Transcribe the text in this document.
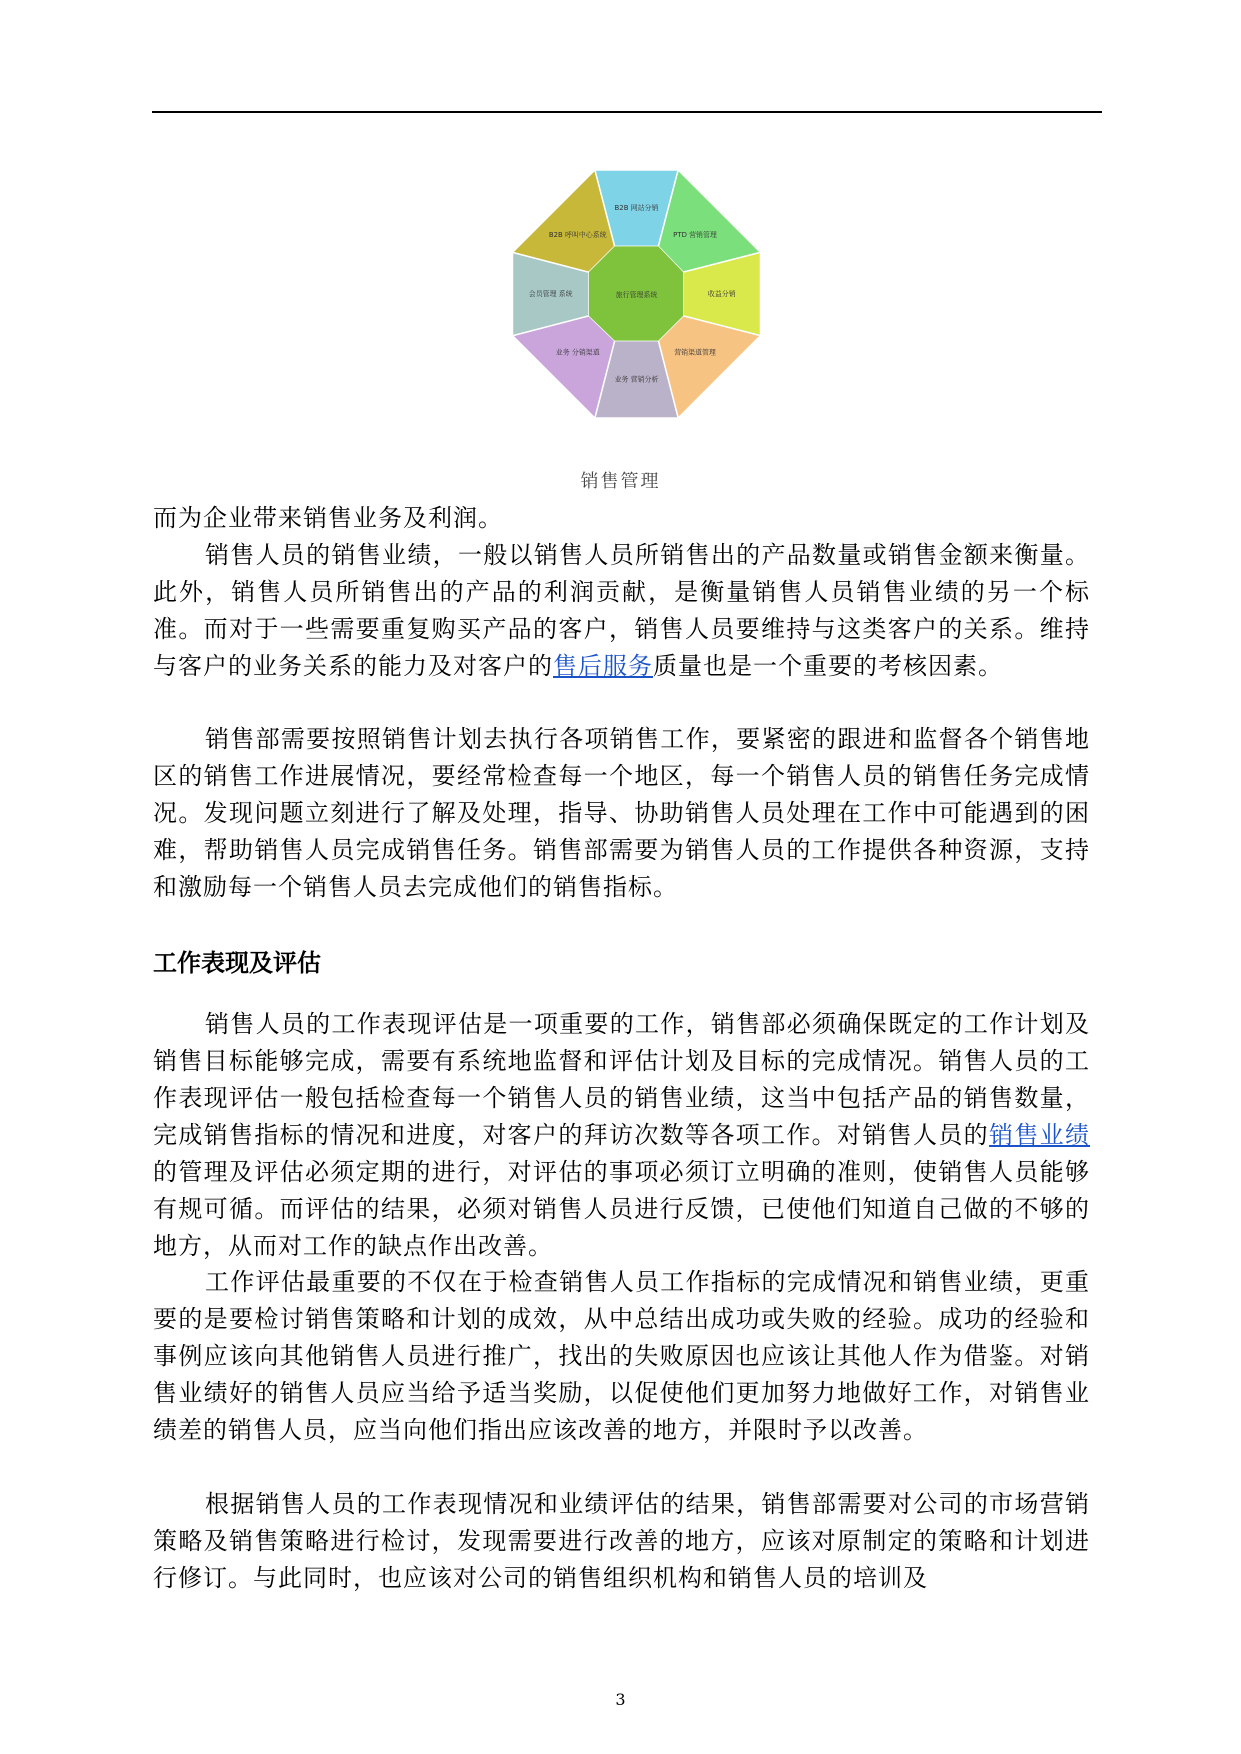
B2B 网站分销
PTD 营销管理
收益分销
营销渠道管理
业务 营销分析
业务 分销渠道
会员管理 系统
B2B 呼叫中心系统
旅行管理系统
销售管理

而为企业带来销售业务及利润。

销售人员的销售业绩，一般以销售人员所销售出的产品数量或销售金额来衡量。此外，销售人员所销售出的产品的利润贡献，是衡量销售人员销售业绩的另一个标准。而对于一些需要重复购买产品的客户，销售人员要维持与这类客户的关系。维持与客户的业务关系的能力及对客户的售后服务质量也是一个重要的考核因素。

销售部需要按照销售计划去执行各项销售工作，要紧密的跟进和监督各个销售地区的销售工作进展情况，要经常检查每一个地区，每一个销售人员的销售任务完成情况。发现问题立刻进行了解及处理，指导、协助销售人员处理在工作中可能遇到的困难，帮助销售人员完成销售任务。销售部需要为销售人员的工作提供各种资源，支持和激励每一个销售人员去完成他们的销售指标。

工作表现及评估

销售人员的工作表现评估是一项重要的工作，销售部必须确保既定的工作计划及销售目标能够完成，需要有系统地监督和评估计划及目标的完成情况。销售人员的工作表现评估一般包括检查每一个销售人员的销售业绩，这当中包括产品的销售数量，完成销售指标的情况和进度，对客户的拜访次数等各项工作。对销售人员的销售业绩的管理及评估必须定期的进行，对评估的事项必须订立明确的准则，使销售人员能够有规可循。而评估的结果，必须对销售人员进行反馈，已使他们知道自己做的不够的地方，从而对工作的缺点作出改善。

工作评估最重要的不仅在于检查销售人员工作指标的完成情况和销售业绩，更重要的是要检讨销售策略和计划的成效，从中总结出成功或失败的经验。成功的经验和事例应该向其他销售人员进行推广，找出的失败原因也应该让其他人作为借鉴。对销售业绩好的销售人员应当给予适当奖励，以促使他们更加努力地做好工作，对销售业绩差的销售人员，应当向他们指出应该改善的地方，并限时予以改善。

根据销售人员的工作表现情况和业绩评估的结果，销售部需要对公司的市场营销策略及销售策略进行检讨，发现需要进行改善的地方，应该对原制定的策略和计划进行修订。与此同时，也应该对公司的销售组织机构和销售人员的培训及

3
